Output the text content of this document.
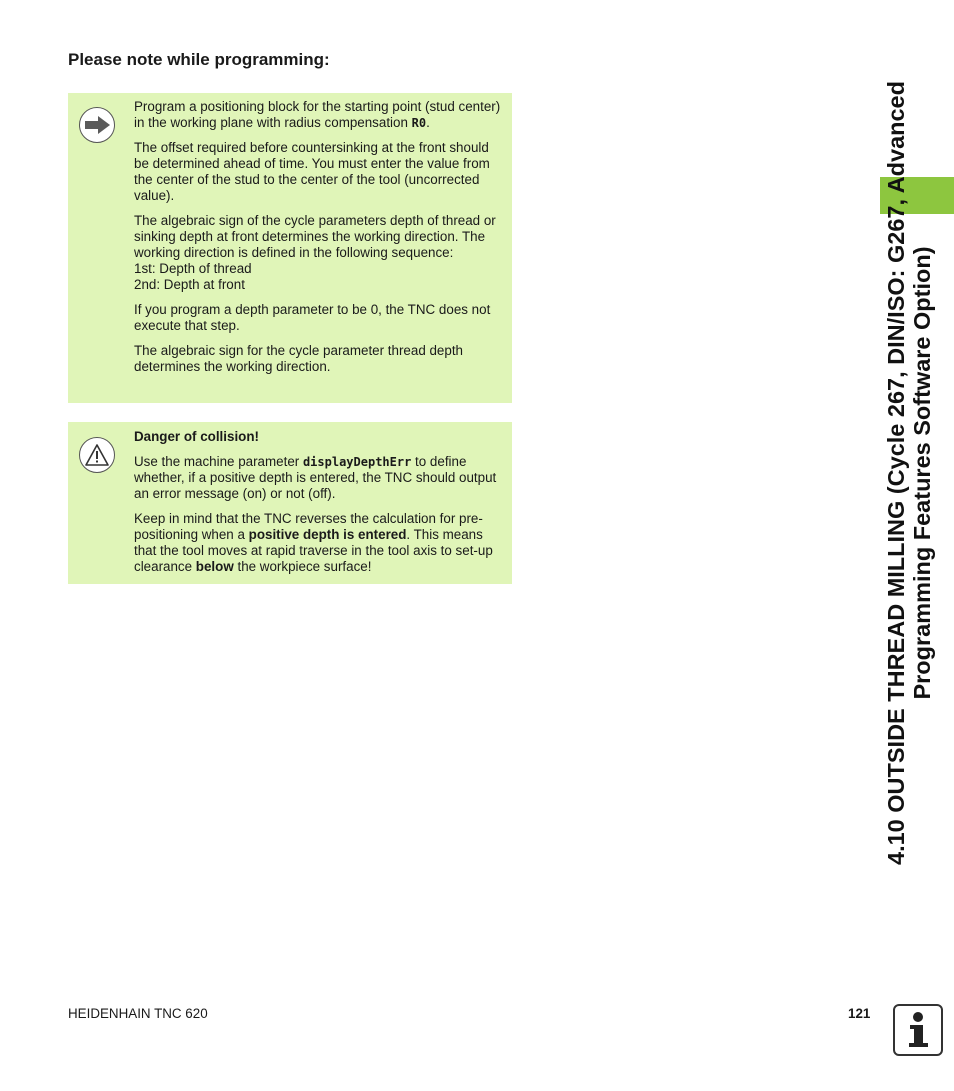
Please note while programming:

Program a positioning block for the starting point (stud center) in the working plane with radius compensation R0.

The offset required before countersinking at the front should be determined ahead of time. You must enter the value from the center of the stud to the center of the tool (uncorrected value).

The algebraic sign of the cycle parameters depth of thread or sinking depth at front determines the working direction. The working direction is defined in the following sequence:
1st: Depth of thread
2nd: Depth at front

If you program a depth parameter to be 0, the TNC does not execute that step.

The algebraic sign for the cycle parameter thread depth determines the working direction.

Danger of collision!

Use the machine parameter displayDepthErr to define whether, if a positive depth is entered, the TNC should output an error message (on) or not (off).

Keep in mind that the TNC reverses the calculation for pre-positioning when a positive depth is entered. This means that the tool moves at rapid traverse in the tool axis to set-up clearance below the workpiece surface!	4.10 OUTSIDE THREAD MILLING (Cycle 267, DIN/ISO: G267, Advanced Programming Features Software Option)
HEIDENHAIN TNC 620	121
